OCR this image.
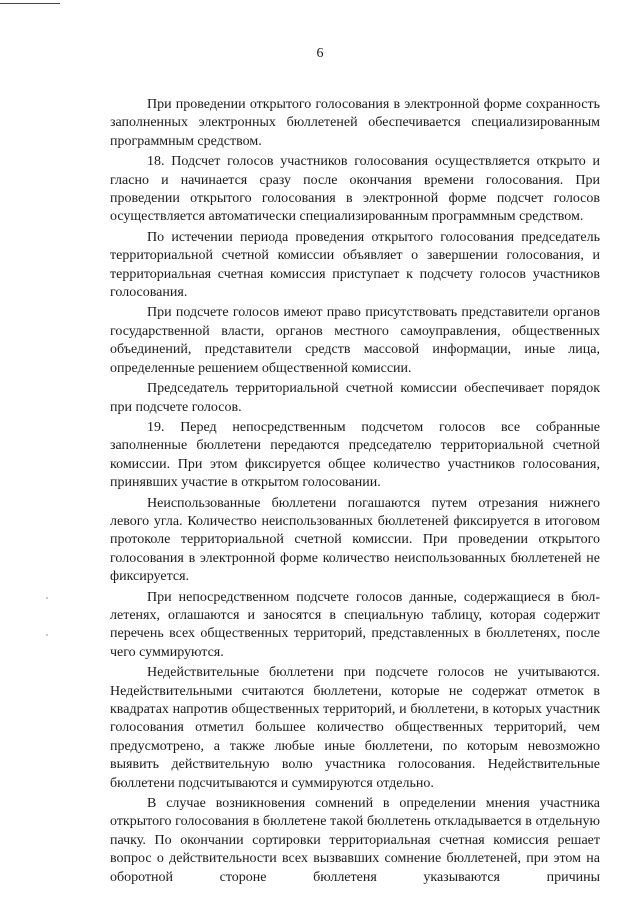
6

При проведении открытого голосования в электронной форме сохранность заполненных электронных бюллетеней обеспечивается специализированным программным средством.

18. Подсчет голосов участников голосования осуществляется открыто и гласно и начинается сразу после окончания времени голосования. При проведении открытого голосования в электронной форме подсчет голосов осуществляется автоматически специализированным программным средством.

По истечении периода проведения открытого голосования председатель территориальной счетной комиссии объявляет о завершении голосования, и территориальная счетная комиссия приступает к подсчету голосов участников голосования.

При подсчете голосов имеют право присутствовать представители органов государственной власти, органов местного самоуправления, общественных объединений, представители средств массовой информации, иные лица, определенные решением общественной комиссии.

Председатель территориальной счетной комиссии обеспечивает порядок при подсчете голосов.

19. Перед непосредственным подсчетом голосов все собранные заполненные бюллетени передаются председателю территориальной счетной комиссии. При этом фиксируется общее количество участников голосования, принявших участие в открытом голосовании.

Неиспользованные бюллетени погашаются путем отрезания нижнего левого угла. Количество неиспользованных бюллетеней фиксируется в итоговом протоколе территориальной счетной комиссии. При проведении открытого голосования в электронной форме количество неиспользованных бюллетеней не фиксируется.

При непосредственном подсчете голосов данные, содержащиеся в бюллетенях, оглашаются и заносятся в специальную таблицу, которая содержит перечень всех общественных территорий, представленных в бюллетенях, после чего суммируются.

Недействительные бюллетени при подсчете голосов не учитываются. Недействительными считаются бюллетени, которые не содержат отметок в квадратах напротив общественных территорий, и бюллетени, в которых участник голосования отметил большее количество общественных территорий, чем предусмотрено, а также любые иные бюллетени, по которым невозможно выявить действительную волю участника голосования. Недействительные бюллетени подсчитываются и суммируются отдельно.

В случае возникновения сомнений в определении мнения участника открытого голосования в бюллетене такой бюллетень откладывается в отдельную пачку. По окончании сортировки территориальная счетная комиссия решает вопрос о действительности всех вызвавших сомнение бюллетеней, при этом на оборотной стороне бюллетеня указываются причины
